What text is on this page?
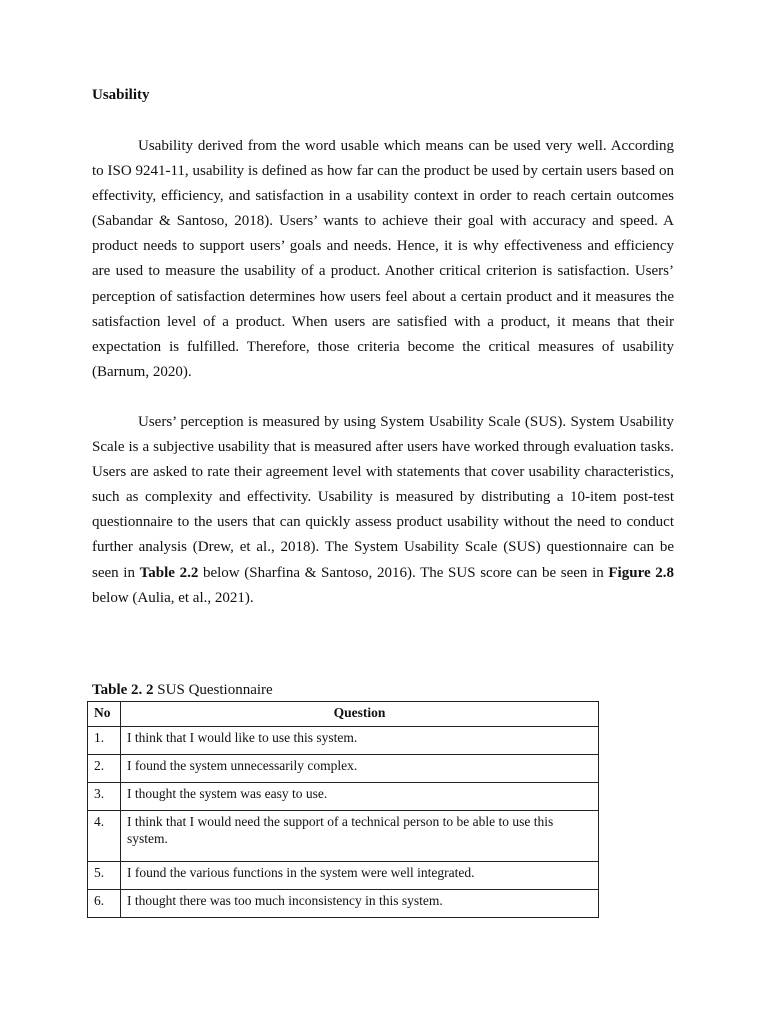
Usability

Usability derived from the word usable which means can be used very well. According to ISO 9241-11, usability is defined as how far can the product be used by certain users based on effectivity, efficiency, and satisfaction in a usability context in order to reach certain outcomes (Sabandar & Santoso, 2018). Users’ wants to achieve their goal with accuracy and speed. A product needs to support users’ goals and needs. Hence, it is why effectiveness and efficiency are used to measure the usability of a product. Another critical criterion is satisfaction. Users’ perception of satisfaction determines how users feel about a certain product and it measures the satisfaction level of a product. When users are satisfied with a product, it means that their expectation is fulfilled. Therefore, those criteria become the critical measures of usability (Barnum, 2020).

Users’ perception is measured by using System Usability Scale (SUS). System Usability Scale is a subjective usability that is measured after users have worked through evaluation tasks. Users are asked to rate their agreement level with statements that cover usability characteristics, such as complexity and effectivity. Usability is measured by distributing a 10-item post-test questionnaire to the users that can quickly assess product usability without the need to conduct further analysis (Drew, et al., 2018). The System Usability Scale (SUS) questionnaire can be seen in Table 2.2 below (Sharfina & Santoso, 2016). The SUS score can be seen in Figure 2.8 below (Aulia, et al., 2021).

Table 2. 2 SUS Questionnaire
No	Question
1.	I think that I would like to use this system.
2.	I found the system unnecessarily complex.
3.	I thought the system was easy to use.
4.	I think that I would need the support of a technical person to be able to use this system.
5.	I found the various functions in the system were well integrated.
6.	I thought there was too much inconsistency in this system.
